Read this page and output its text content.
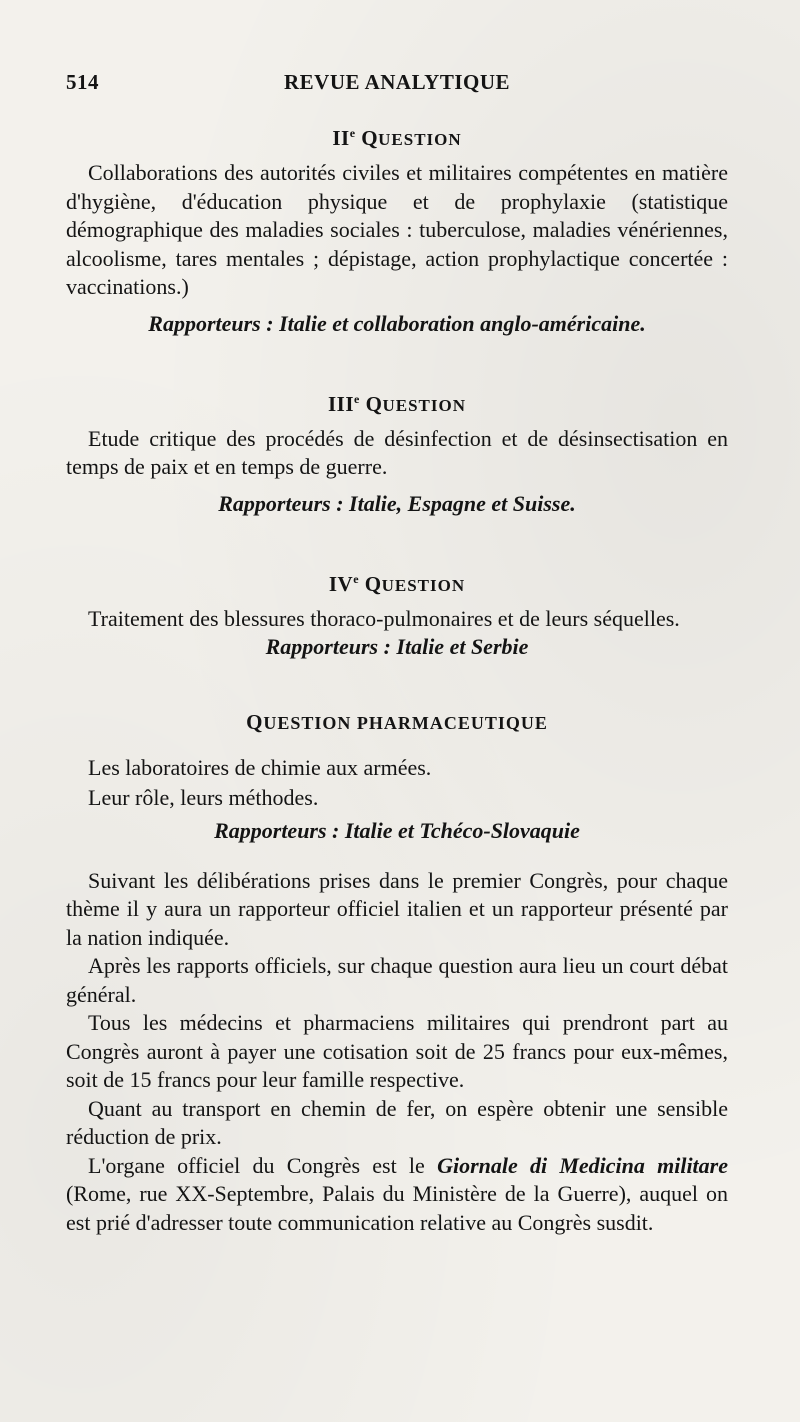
514	REVUE ANALYTIQUE
IIe QUESTION

Collaborations des autorités civiles et militaires compétentes en matière d'hygiène, d'éducation physique et de prophylaxie (statistique démographique des maladies sociales : tuberculose, maladies vénériennes, alcoolisme, tares mentales ; dépistage, action prophylactique concertée : vaccinations.)

Rapporteurs : Italie et collaboration anglo-américaine.

IIIe QUESTION

Etude critique des procédés de désinfection et de désinsectisation en temps de paix et en temps de guerre.

Rapporteurs : Italie, Espagne et Suisse.

IVe QUESTION

Traitement des blessures thoraco-pulmonaires et de leurs séquelles.

Rapporteurs : Italie et Serbie

QUESTION PHARMACEUTIQUE

Les laboratoires de chimie aux armées.

Leur rôle, leurs méthodes.

Rapporteurs : Italie et Tchéco-Slovaquie

Suivant les délibérations prises dans le premier Congrès, pour chaque thème il y aura un rapporteur officiel italien et un rapporteur présenté par la nation indiquée.

Après les rapports officiels, sur chaque question aura lieu un court débat général.

Tous les médecins et pharmaciens militaires qui prendront part au Congrès auront à payer une cotisation soit de 25 francs pour eux-mêmes, soit de 15 francs pour leur famille respective.

Quant au transport en chemin de fer, on espère obtenir une sensible réduction de prix.

L'organe officiel du Congrès est le Giornale di Medicina militare (Rome, rue XX-Septembre, Palais du Ministère de la Guerre), auquel on est prié d'adresser toute communication relative au Congrès susdit.
